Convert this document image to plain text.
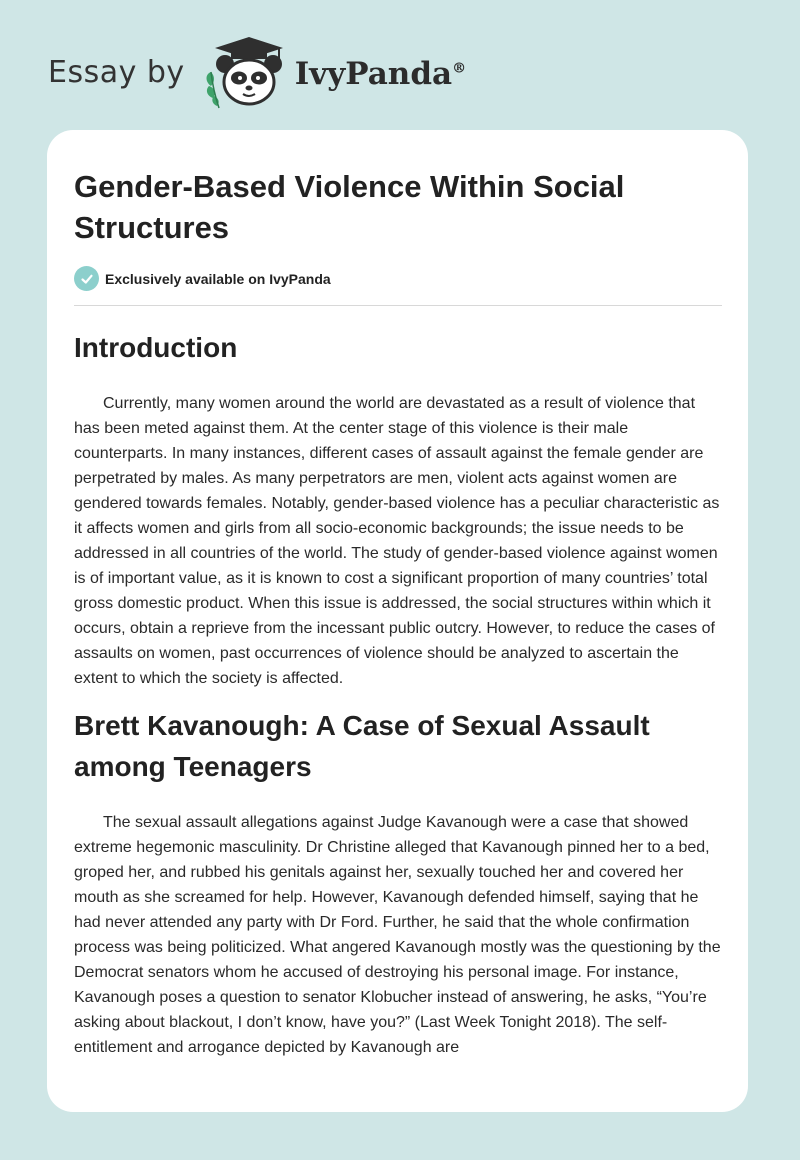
Essay by	IvyPanda®
Gender-Based Violence Within Social Structures
Exclusively available on IvyPanda
Introduction

Currently, many women around the world are devastated as a result of violence that has been meted against them. At the center stage of this violence is their male counterparts. In many instances, different cases of assault against the female gender are perpetrated by males. As many perpetrators are men, violent acts against women are gendered towards females. Notably, gender-based violence has a peculiar characteristic as it affects women and girls from all socio-economic backgrounds; the issue needs to be addressed in all countries of the world. The study of gender-based violence against women is of important value, as it is known to cost a significant proportion of many countries’ total gross domestic product. When this issue is addressed, the social structures within which it occurs, obtain a reprieve from the incessant public outcry. However, to reduce the cases of assaults on women, past occurrences of violence should be analyzed to ascertain the extent to which the society is affected.

Brett Kavanough: A Case of Sexual Assault among Teenagers

The sexual assault allegations against Judge Kavanough were a case that showed extreme hegemonic masculinity. Dr Christine alleged that Kavanough pinned her to a bed, groped her, and rubbed his genitals against her, sexually touched her and covered her mouth as she screamed for help. However, Kavanough defended himself, saying that he had never attended any party with Dr Ford. Further, he said that the whole confirmation process was being politicized. What angered Kavanough mostly was the questioning by the Democrat senators whom he accused of destroying his personal image. For instance, Kavanough poses a question to senator Klobucher instead of answering, he asks, “You’re asking about blackout, I don’t know, have you?” (Last Week Tonight 2018). The self-entitlement and arrogance depicted by Kavanough are
